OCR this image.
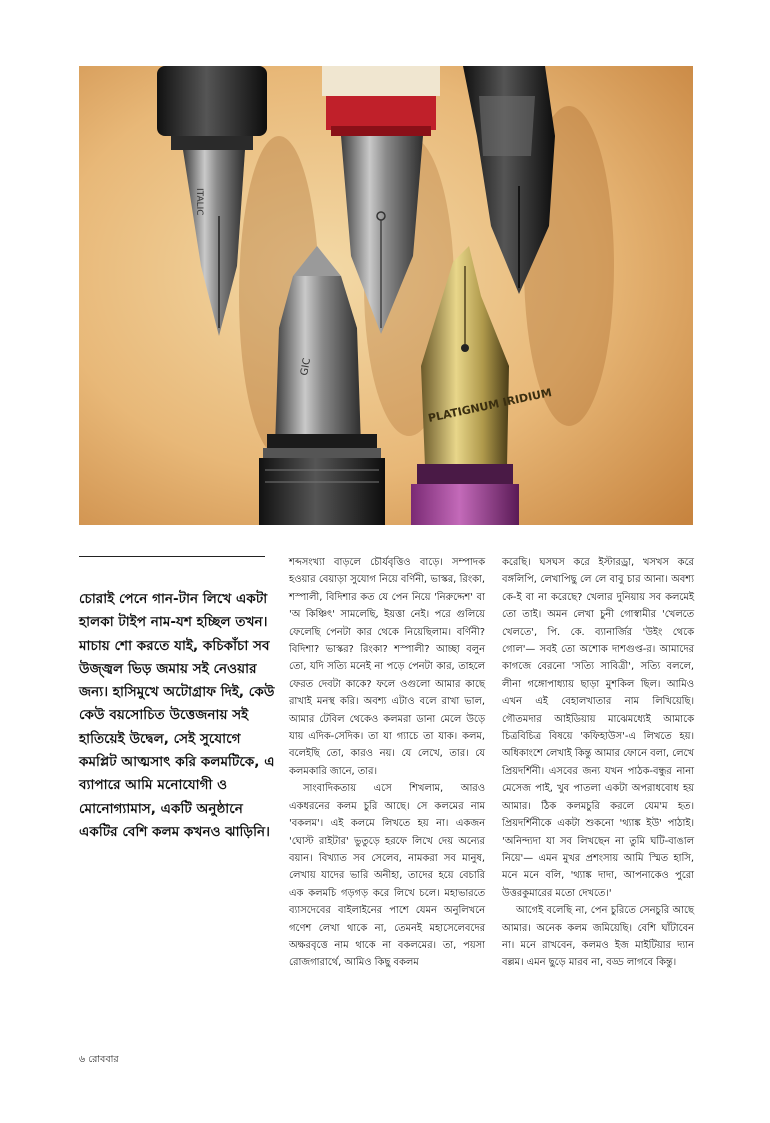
ITALIC
GIC
PLATIGNUM IRIDIUM

চোরাই পেনে গান-টান লিখে একটা হালকা টাইপ নাম-যশ হচ্ছিল তখন। মাচায় শো করতে যাই, কচিকাঁচা সব উজ্জ্বল ভিড় জমায় সই নেওয়ার জন্য। হাসিমুখে অটোগ্রাফ দিই, কেউ কেউ বয়সোচিত উত্তেজনায় সই হাতিয়েই উদ্বেল, সেই সুযোগে কমপ্লিট আত্মসাৎ করি কলমটিকে, এ ব্যাপারে আমি মনোযোগী ও মোনোগ্যামাস, একটি অনুষ্ঠানে একটির বেশি কলম কখনও ঝাড়িনি।

শব্দসংখ্যা বাড়লে চৌর্যবৃত্তিও বাড়ে। সম্পাদক হওয়ার বেয়াড়া সুযোগ নিয়ে বর্ণিনী, ভাস্কর, রিংকা, শস্পালী, বিদিশার কত যে পেন নিয়ে 'নিরুদ্দেশ' বা 'অ কিঞ্চিৎ' সামলেছি, ইয়ত্তা নেই। পরে গুলিয়ে ফেলেছি পেনটা কার থেকে নিয়েছিলাম। বর্ণিনী? বিদিশা? ভাস্কর? রিংকা? শস্পালী? আচ্ছা বলুন তো, যদি সত্যি মনেই না পড়ে পেনটা কার, তাহলে ফেরত দেবটা কাকে? ফলে ওগুলো আমার কাছে রাখাই মনস্থ করি। অবশ্য এটাও বলে রাখা ভাল, আমার টেবিল থেকেও কলমরা ডানা মেলে উড়ে যায় এদিক-সেদিক। তা যা গ্যাচে তা যাক। কলম, বলেইছি তো, কারও নয়। যে লেখে, তার। যে কলমকারি জানে, তার।

সাংবাদিকতায় এসে শিখলাম, আরও একধরনের কলম চুরি আছে। সে কলমের নাম 'বকলম'। এই কলমে লিখতে হয় না। একজন 'ঘোস্ট রাইটার' ভুতুড়ে হরফে লিখে দেয় অন্যের বয়ান। বিখ্যাত সব সেলেব, নামকরা সব মানুষ, লেখায় যাদের ভারি অনীহা, তাদের হয়ে বেচারি এক কলমচি গড়গড় করে লিখে চলে। মহাভারতে ব্যাসদেবের বাইলাইনের পাশে যেমন অনুলিখনে গণেশ লেখা থাকে না, তেমনই মহাসেলেবদের অক্ষরবৃত্তে নাম থাকে না বকলমের। তা, পয়সা রোজগারার্থে, আমিও কিছু বকলম

করেছি। ঘসঘস করে ইস্টারড্রা, খসখস করে বঙ্গলিপি, লেখাপিছু লে লে বাবু চার আনা। অবশ্য কে-ই বা না করেছে? খেলার দুনিয়ায় সব কলমেই তো তাই। অমন লেখা চুনী গোস্বামীর 'খেলতে খেলতে', পি. কে. ব্যানার্জির 'উইং থেকে গোল'— সবই তো অশোক দাশগুপ্ত-র। আমাদের কাগজে বেরনো 'সত্যি সাবিত্রী', সত্যি বললে, লীনা গঙ্গোপাধ্যায় ছাড়া মুশকিল ছিল। আমিও এখন এই বেহালখাতার নাম লিখিয়েছি। গৌতমদার আইডিয়ায় মাঝেমধ্যেই আমাকে চিত্রবিচিত্র বিষয়ে 'কফিহাউস'-এ লিখতে হয়। অধিকাংশে লেখাই কিন্তু আমার ফোনে বলা, লেখে প্রিয়দর্শিনী। এসবের জন্য যখন পাঠক-বন্ধুর নানা মেসেজ পাই, খুব পাতলা একটা অপরাধবোধ হয় আমার। ঠিক কলমচুরি করলে যেম'ম হত। প্রিয়দর্শিনীকে একটা শুকনো 'থ্যাঙ্ক ইউ' পাঠাই। 'অনিন্দ্যদা যা সব লিখছেন না তুমি ঘটি-বাঙাল নিয়ে'— এমন মুখর প্রশংসায় আমি স্মিত হাসি, মনে মনে বলি, 'থ্যাঙ্ক দাদা, আপনাকেও পুরো উত্তরকুমারের মতো দেখতে।'

আগেই বলেছি না, পেন চুরিতে সেনচুরি আছে আমার। অনেক কলম জমিয়েছি। বেশি ঘাঁটাবেন না। মনে রাখবেন, কলমও ইজ মাইটিয়ার দ্যান বল্লম। এমন ছুড়ে মারব না, বড্ড লাগবে কিন্তু।

৬ রোববার
